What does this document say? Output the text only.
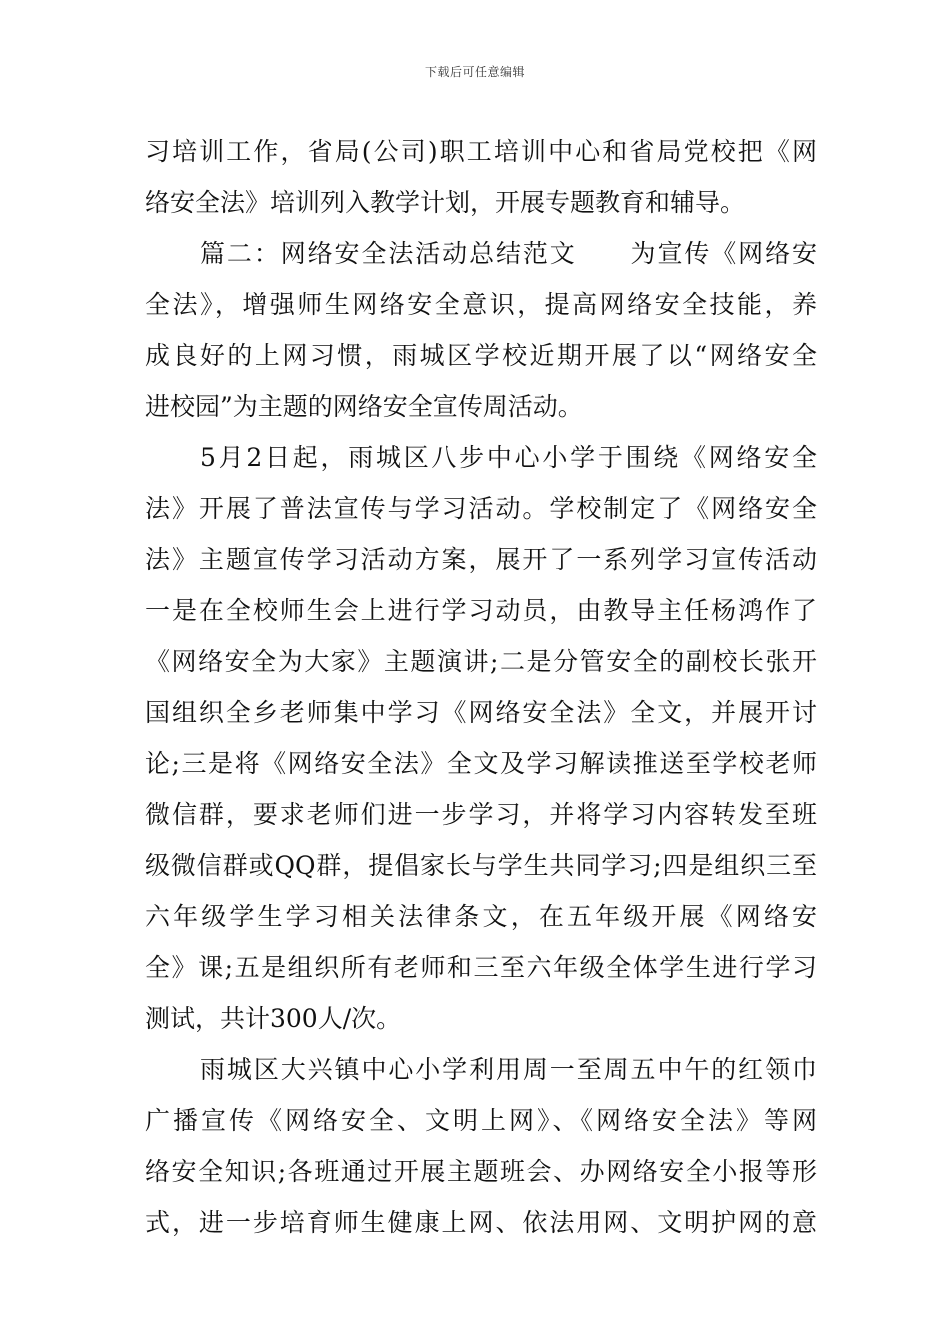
下载后可任意编辑
习培训工作，省局(公司)职工培训中心和省局党校把《网
络安全法》培训列入教学计划，开展专题教育和辅导。
篇二：网络安全法活动总结范文　　为宣传《网络安
全法》，增强师生网络安全意识，提高网络安全技能，养
成良好的上网习惯，雨城区学校近期开展了以“网络安全
进校园”为主题的网络安全宣传周活动。
5月2日起，雨城区八步中心小学于围绕《网络安全
法》开展了普法宣传与学习活动。学校制定了《网络安全
法》主题宣传学习活动方案，展开了一系列学习宣传活动
一是在全校师生会上进行学习动员，由教导主任杨鸿作了
《网络安全为大家》主题演讲;二是分管安全的副校长张开
国组织全乡老师集中学习《网络安全法》全文，并展开讨
论;三是将《网络安全法》全文及学习解读推送至学校老师
微信群，要求老师们进一步学习，并将学习内容转发至班
级微信群或QQ群，提倡家长与学生共同学习;四是组织三至
六年级学生学习相关法律条文，在五年级开展《网络安
全》课;五是组织所有老师和三至六年级全体学生进行学习
测试，共计300人/次。
雨城区大兴镇中心小学利用周一至周五中午的红领巾
广播宣传《网络安全、文明上网》、《网络安全法》等网
络安全知识;各班通过开展主题班会、办网络安全小报等形
式，进一步培育师生健康上网、依法用网、文明护网的意
